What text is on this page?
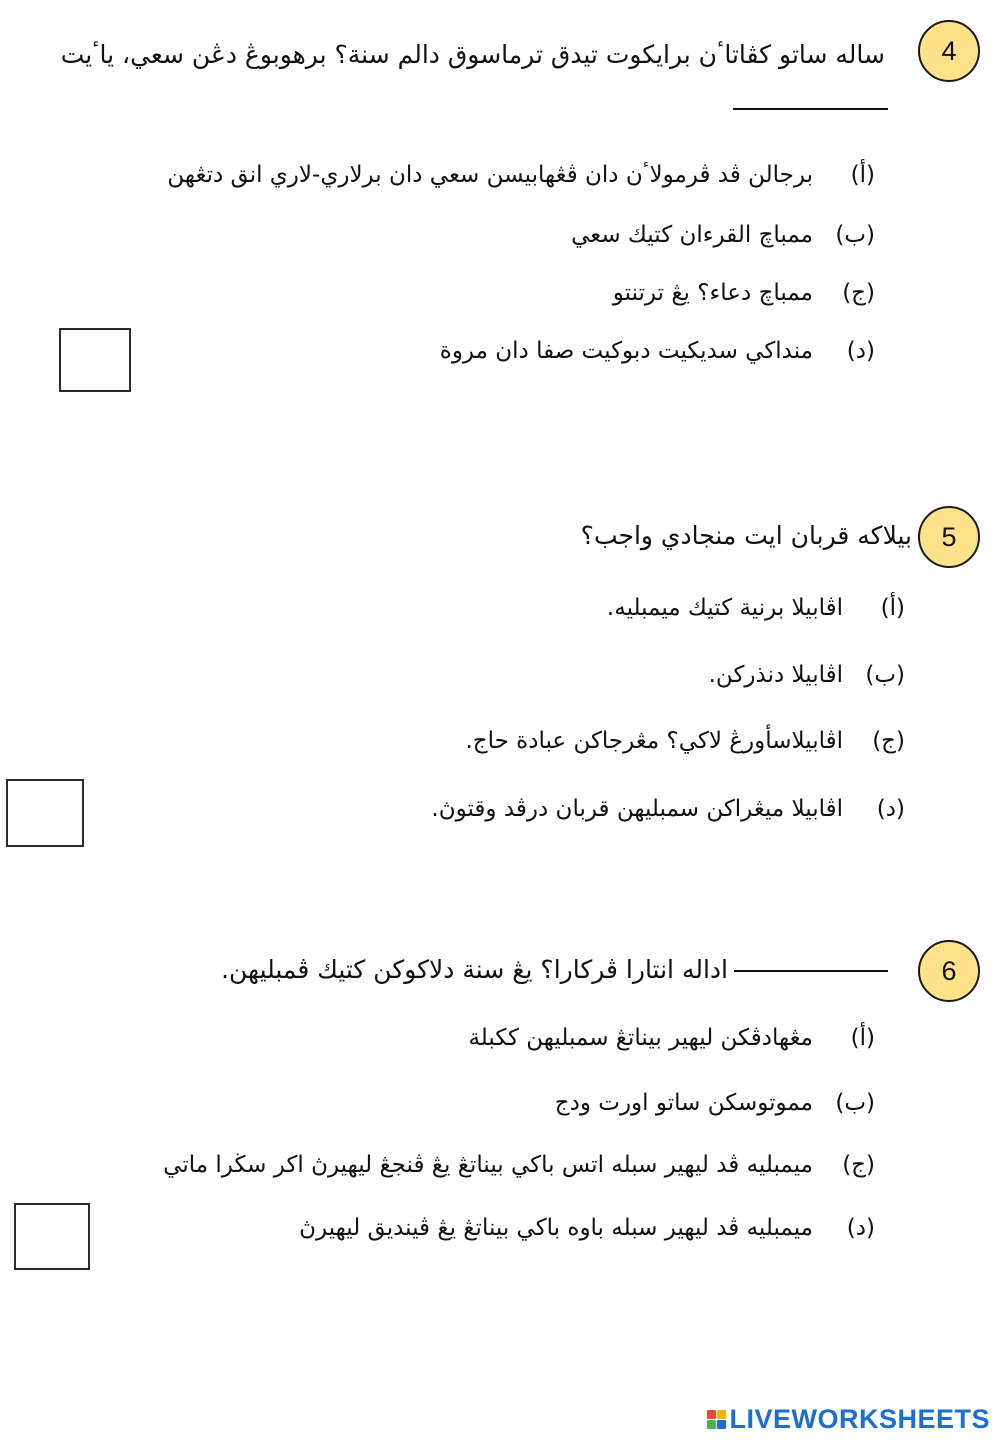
4
ساله ساتو كڤاتاٴن برايكوت تيدق ترماسوق دالم سنة؟ برهوبوڠ دڠن سعي، ياٴيت
(أ)
برجالن ڤد ڤرمولاٴن دان ڤڠهابيسن سعي دان برلاري-لاري انق دتڠهن
(ب)
ممباچ القرءان كتيك سعي
(ج)
ممباچ دعاء؟ يڠ ترتنتو
(د)
منداكي سديكيت دبوكيت صفا دان مروة
5
بيلاكه قربان ايت منجادي واجب؟
(أ)
اڤابيلا برنية كتيك ميمبليه.
(ب)
اڤابيلا دنذركن.
(ج)
اڤابيلاسأورڠ لاكي؟ مڠرجاكن عبادة حاج.
(د)
اڤابيلا ميڠراكن سمبليهن قربان درڤد وقتوڽ.
6
اداله انتارا ڤركارا؟ يڠ سنة دلاكوكن كتيك ڤمبليهن.
(أ)
مڠهادڤكن ليهير بيناتڠ سمبليهن ككبلة
(ب)
مموتوسكن ساتو اورت ودج
(ج)
ميمبليه ڤد ليهير سبله اتس باكي بيناتڠ يڠ ڤنجڠ ليهيرڽ اكر سڬرا ماتي
(د)
ميمبليه ڤد ليهير سبله باوه باكي بيناتڠ يڠ ڤينديق ليهيرڽ
LIVEWORKSHEETS
